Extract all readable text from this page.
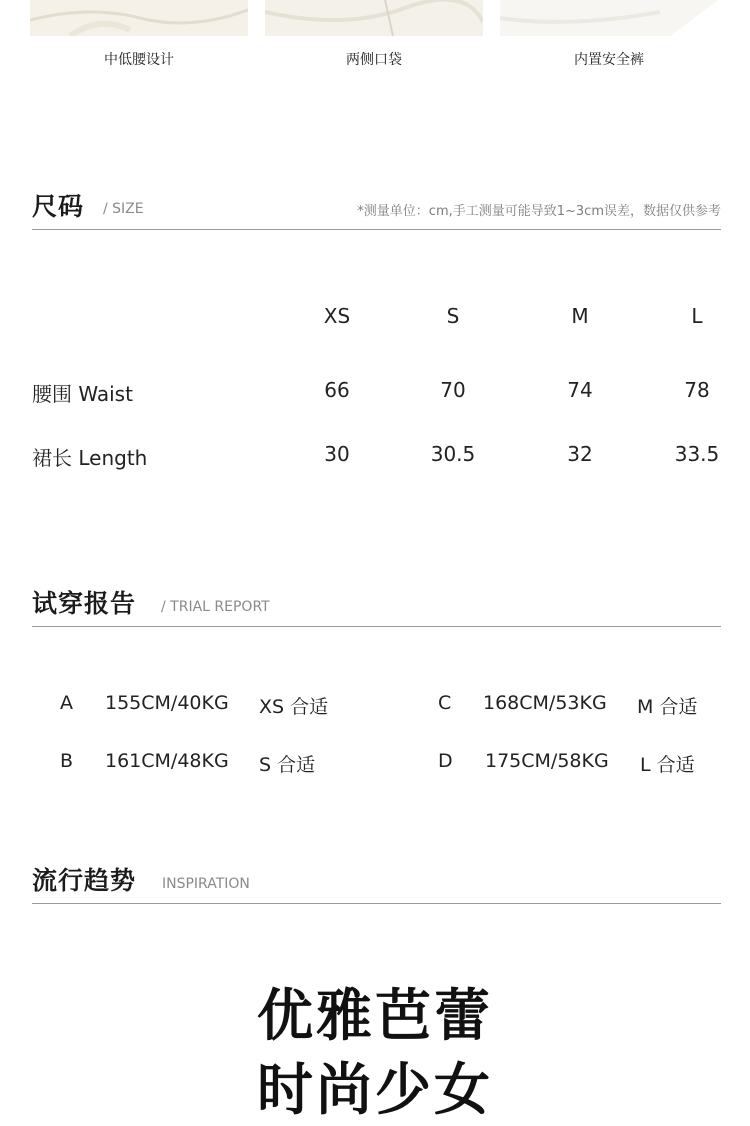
中低腰设计	两侧口袋	内置安全裤
尺码 / SIZE	*测量单位：cm,手工测量可能导致1~3cm误差，数据仅供参考
XS	S	M	L
腰围 Waist	66	70	74	78
裙长 Length	30	30.5	32	33.5
试穿报告 / TRIAL REPORT
A 155CM/40KG XS 合适
B 161CM/48KG S 合适
C 168CM/53KG M 合适
D 175CM/58KG L 合适
流行趋势 INSPIRATION
优雅芭蕾
时尚少女
